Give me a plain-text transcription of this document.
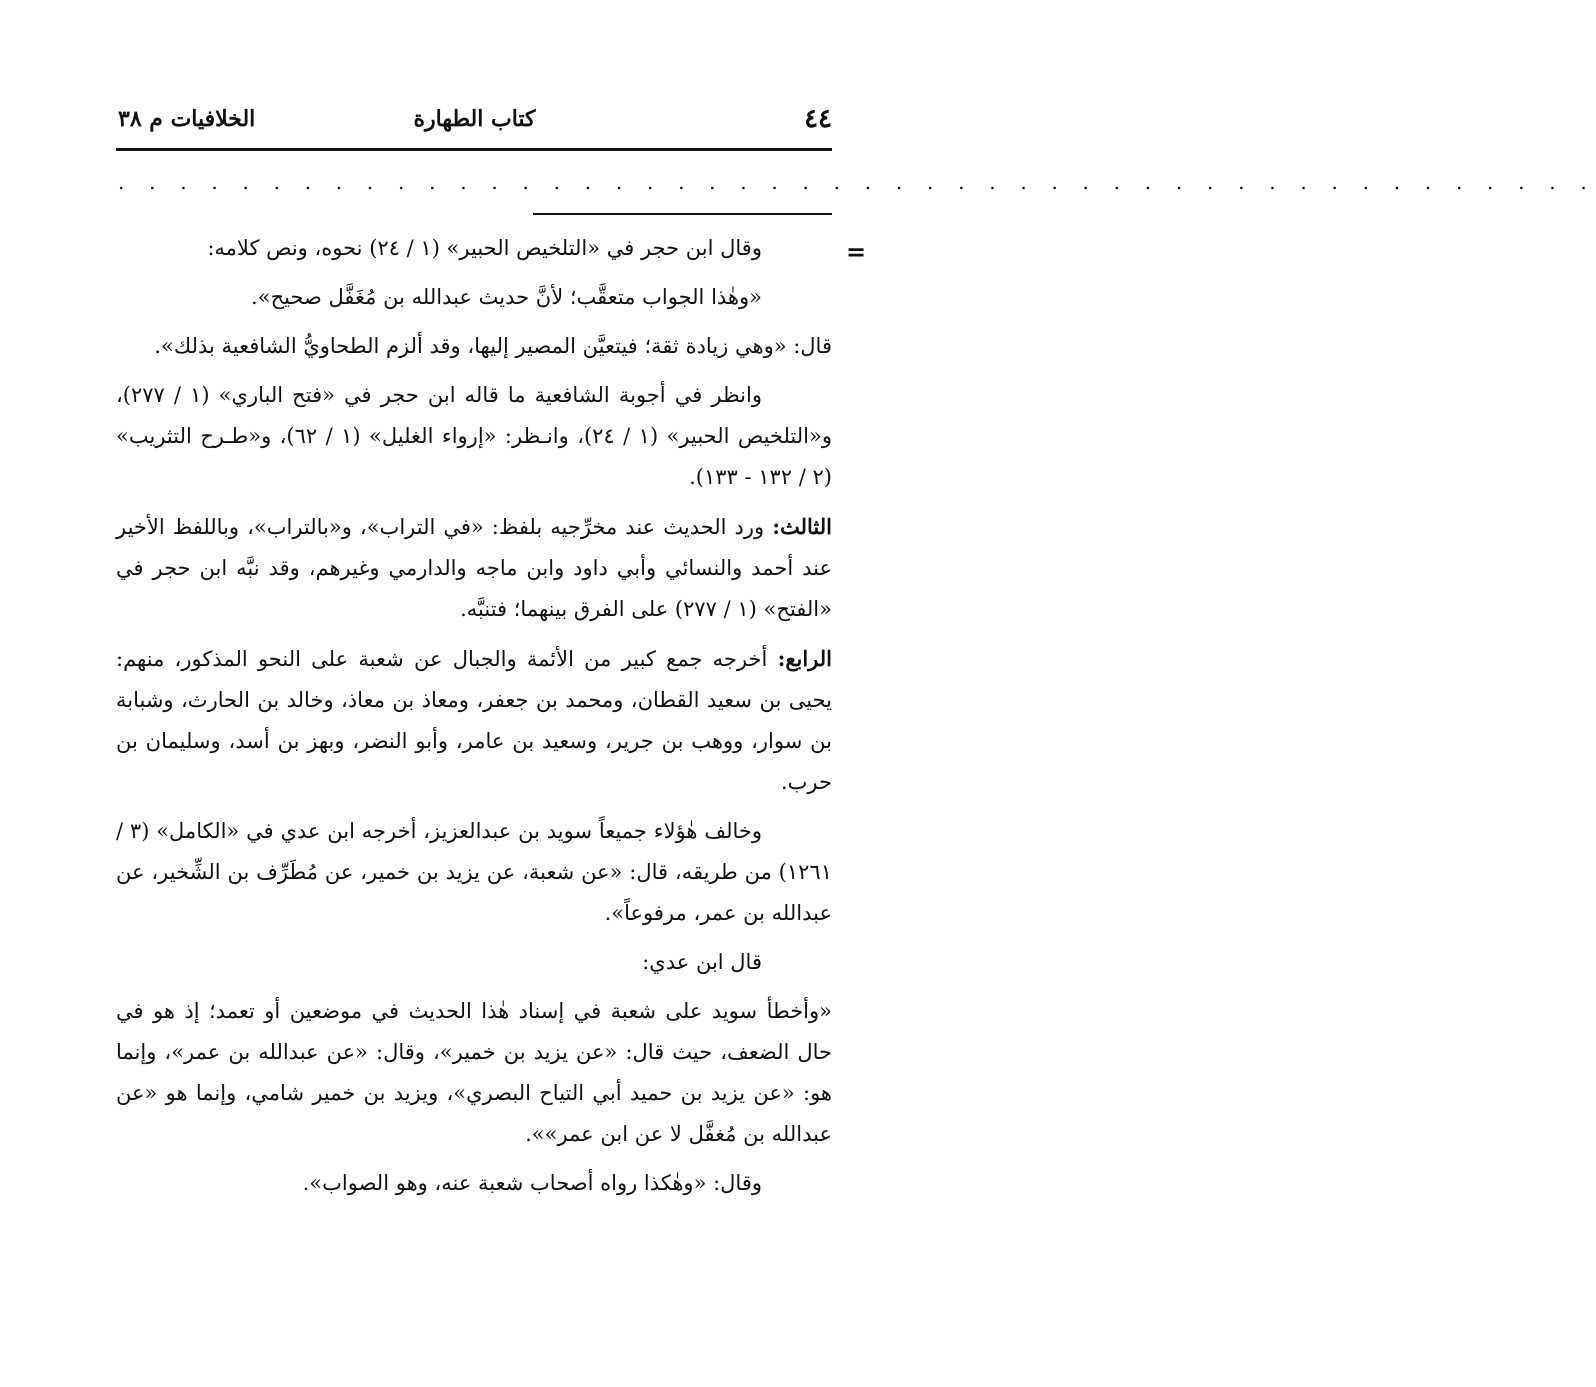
٤٤
كتاب الطهارة
الخلافيات م ٣٨
. . . . . . . . . . . . . . . . . . . . . . . . . . . . . . . . . . . . . . . . . . . . . . . .
=

وقال ابن حجر في «التلخيص الحبير» (١ / ٢٤) نحوه، ونص كلامه:

«وهٰذا الجواب متعقَّب؛ لأنَّ حديث عبدالله بن مُغَفَّل صحيح».

قال: «وهي زيادة ثقة؛ فيتعيَّن المصير إليها، وقد ألزم الطحاويُّ الشافعية بذلك».

وانظر في أجوبة الشافعية ما قاله ابن حجر في «فتح الباري» (١ / ٢٧٧)، و«التلخيص الحبير» (١ / ٢٤)، وانـظر: «إرواء الغليل» (١ / ٦٢)، و«طـرح التثريب» (٢ / ١٣٢ - ١٣٣).

الثالث: ورد الحديث عند مخرِّجيه بلفظ: «في التراب»، و«بالتراب»، وباللفظ الأخير عند أحمد والنسائي وأبي داود وابن ماجه والدارمي وغيرهم، وقد نبَّه ابن حجر في «الفتح» (١ / ٢٧٧) على الفرق بينهما؛ فتنبَّه.

الرابع: أخرجه جمع كبير من الأئمة والجبال عن شعبة على النحو المذكور، منهم: يحيى بن سعيد القطان، ومحمد بن جعفر، ومعاذ بن معاذ، وخالد بن الحارث، وشبابة بن سوار، ووهب بن جرير، وسعيد بن عامر، وأبو النضر، وبهز بن أسد، وسليمان بن حرب.

وخالف هٰؤلاء جميعاً سويد بن عبدالعزيز، أخرجه ابن عدي في «الكامل» (٣ / ١٢٦١) من طريقه، قال: «عن شعبة، عن يزيد بن خمير، عن مُطَرِّف بن الشِّخير، عن عبدالله بن عمر، مرفوعاً».

قال ابن عدي:

«وأخطأ سويد على شعبة في إسناد هٰذا الحديث في موضعين أو تعمد؛ إذ هو في حال الضعف، حيث قال: «عن يزيد بن خمير»، وقال: «عن عبدالله بن عمر»، وإنما هو: «عن يزيد بن حميد أبي التياح البصري»، ويزيد بن خمير شامي، وإنما هو «عن عبدالله بن مُغفَّل لا عن ابن عمر»».

وقال: «وهٰكذا رواه أصحاب شعبة عنه، وهو الصواب».
